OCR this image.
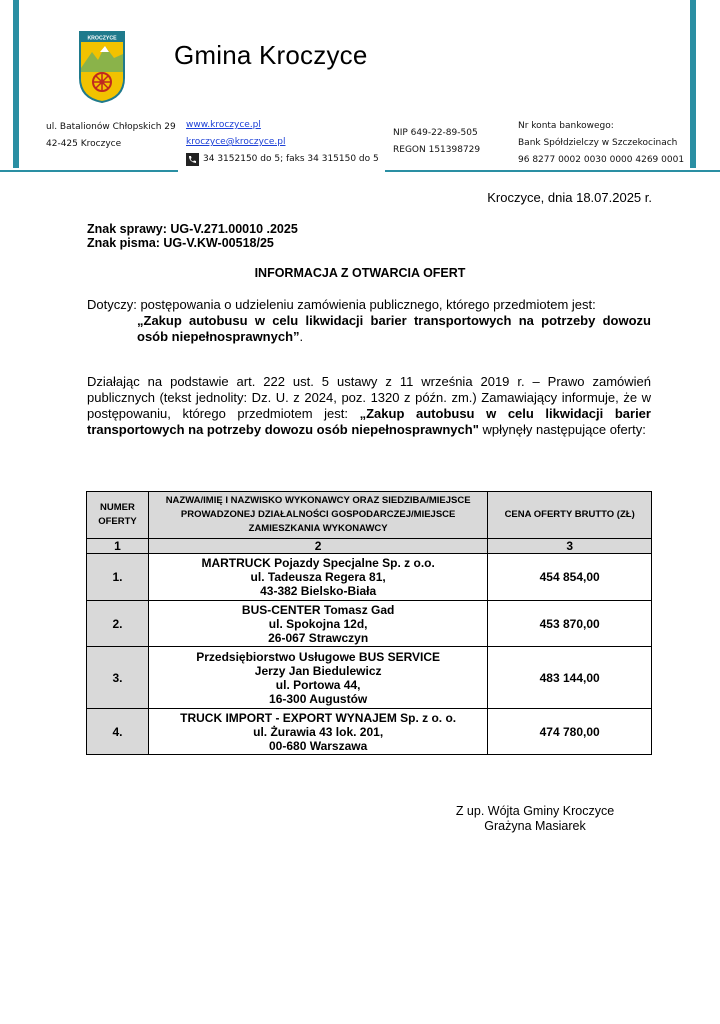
KROCZYCE
Gmina Kroczyce
ul. Batalionów Chłopskich 29
42-425 Kroczyce
www.kroczyce.pl
kroczyce@kroczyce.pl
34 3152150 do 5; faks 34 315150 do 5
NIP 649-22-89-505
REGON 151398729
Nr konta bankowego:
Bank Spółdzielczy w Szczekocinach
96 8277 0002 0030 0000 4269 0001
Kroczyce, dnia 18.07.2025 r.
Znak sprawy: UG-V.271.00010 .2025
Znak pisma: UG-V.KW-00518/25
INFORMACJA Z OTWARCIA OFERT
Dotyczy: postępowania o udzieleniu zamówienia publicznego, którego przedmiotem jest:
„Zakup autobusu w celu likwidacji barier transportowych na potrzeby dowozu osób niepełnosprawnych”.
Działając na podstawie art. 222 ust. 5 ustawy z 11 września 2019 r. – Prawo zamówień publicznych (tekst jednolity: Dz. U. z 2024, poz. 1320 z późn. zm.) Zamawiający informuje, że w postępowaniu, którego przedmiotem jest: „Zakup autobusu w celu likwidacji barier transportowych na potrzeby dowozu osób niepełnosprawnych" wpłynęły następujące oferty:
NUMER OFERTY	NAZWA/IMIĘ I NAZWISKO WYKONAWCY ORAZ SIEDZIBA/MIEJSCE PROWADZONEJ DZIAŁALNOŚCI GOSPODARCZEJ/MIEJSCE ZAMIESZKANIA WYKONAWCY	CENA OFERTY BRUTTO (ZŁ)
1	2	3
1.	MARTRUCK Pojazdy Specjalne Sp. z o.o.
ul. Tadeusza Regera 81,
43-382 Bielsko-Biała	454 854,00
2.	BUS-CENTER Tomasz Gad
ul. Spokojna 12d,
26-067 Strawczyn	453 870,00
3.	Przedsiębiorstwo Usługowe BUS SERVICE
Jerzy Jan Biedulewicz
ul. Portowa 44,
16-300 Augustów	483 144,00
4.	TRUCK IMPORT - EXPORT WYNAJEM Sp. z o. o.
ul. Żurawia 43 lok. 201,
00-680 Warszawa	474 780,00
Z up. Wójta Gminy Kroczyce
Grażyna Masiarek
